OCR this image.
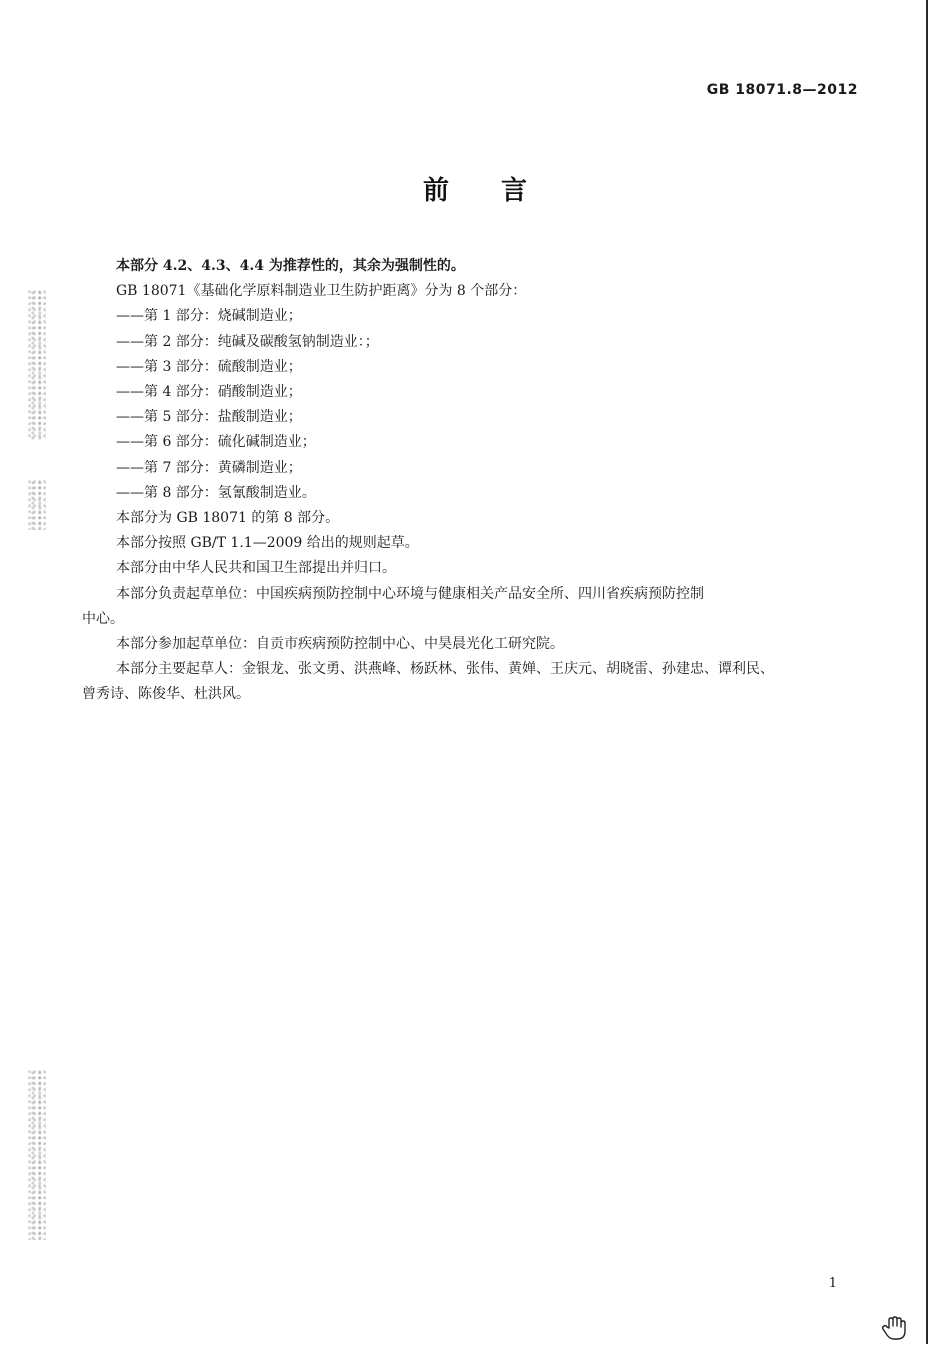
GB 18071.8—2012
前言

本部分 4.2、4.3、4.4 为推荐性的，其余为强制性的。

GB 18071《基础化学原料制造业卫生防护距离》分为 8 个部分：

——第 1 部分：烧碱制造业；

——第 2 部分：纯碱及碳酸氢钠制造业：；

——第 3 部分：硫酸制造业；

——第 4 部分：硝酸制造业；

——第 5 部分：盐酸制造业；

——第 6 部分：硫化碱制造业；

——第 7 部分：黄磷制造业；

——第 8 部分：氢氰酸制造业。

本部分为 GB 18071 的第 8 部分。

本部分按照 GB/T 1.1—2009 给出的规则起草。

本部分由中华人民共和国卫生部提出并归口。

本部分负责起草单位：中国疾病预防控制中心环境与健康相关产品安全所、四川省疾病预防控制

中心。

本部分参加起草单位：自贡市疾病预防控制中心、中昊晨光化工研究院。

本部分主要起草人：金银龙、张文勇、洪燕峰、杨跃林、张伟、黄婵、王庆元、胡晓雷、孙建忠、谭利民、

曾秀诗、陈俊华、杜洪风。

1
